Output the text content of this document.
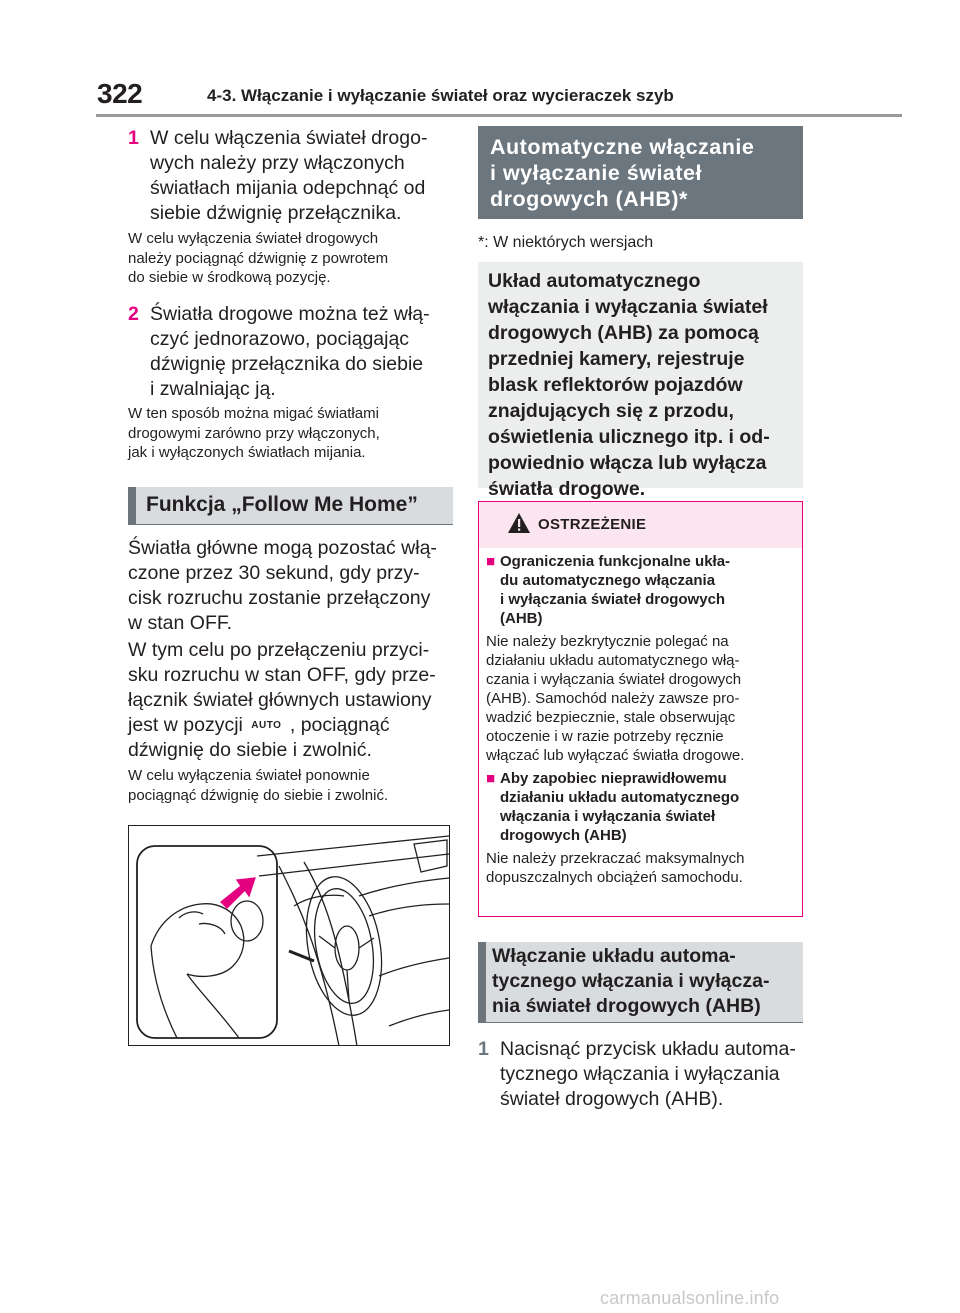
322	4-3. Włączanie i wyłączanie świateł oraz wycieraczek szyb
1 W celu włączenia świateł drogo-
wych należy przy włączonych
światłach mijania odepchnąć od
siebie dźwignię przełącznika.
W celu wyłączenia świateł drogowych
należy pociągnąć dźwignię z powrotem
do siebie w środkową pozycję.
2 Światła drogowe można też włą-
czyć jednorazowo, pociągając
dźwignię przełącznika do siebie
i zwalniając ją.
W ten sposób można migać światłami
drogowymi zarówno przy włączonych,
jak i wyłączonych światłach mijania.
Funkcja „Follow Me Home”
Światła główne mogą pozostać włą-
czone przez 30 sekund, gdy przy-
cisk rozruchu zostanie przełączony
w stan OFF.
W tym celu po przełączeniu przyci-
sku rozruchu w stan OFF, gdy prze-
łącznik świateł głównych ustawiony
jest w pozycji AUTO , pociągnąć
dźwignię do siebie i zwolnić.
W celu wyłączenia świateł ponownie
pociągnąć dźwignię do siebie i zwolnić.
Automatyczne włączanie
i wyłączanie świateł
drogowych (AHB)*
*: W niektórych wersjach
Układ automatycznego
włączania i wyłączania świateł
drogowych (AHB) za pomocą
przedniej kamery, rejestruje
blask reflektorów pojazdów
znajdujących się z przodu,
oświetlenia ulicznego itp. i od-
powiednio włącza lub wyłącza
światła drogowe.
OSTRZEŻENIE
■ Ograniczenia funkcjonalne ukła-
du automatycznego włączania
i wyłączania świateł drogowych
(AHB)
Nie należy bezkrytycznie polegać na
działaniu układu automatycznego włą-
czania i wyłączania świateł drogowych
(AHB). Samochód należy zawsze pro-
wadzić bezpiecznie, stale obserwując
otoczenie i w razie potrzeby ręcznie
włączać lub wyłączać światła drogowe.
■ Aby zapobiec nieprawidłowemu
działaniu układu automatycznego
włączania i wyłączania świateł
drogowych (AHB)
Nie należy przekraczać maksymalnych
dopuszczalnych obciążeń samochodu.
Włączanie układu automa-
tycznego włączania i wyłącza-
nia świateł drogowych (AHB)
1 Nacisnąć przycisk układu automa-
tycznego włączania i wyłączania
świateł drogowych (AHB).
carmanualsonline.info
